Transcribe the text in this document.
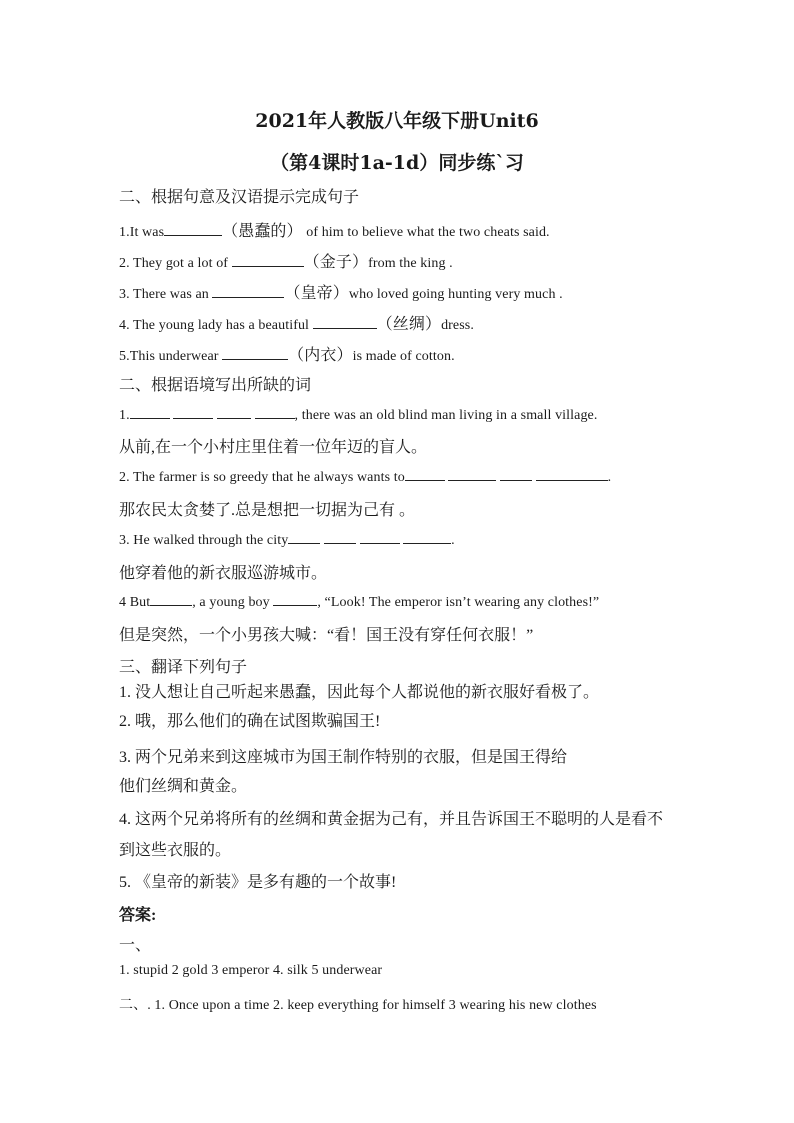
2021年人教版八年级下册Unit6
（第4课时1a-1d）同步练`习
二、根据句意及汉语提示完成句子
1.It was	（愚蠢的） of him to believe what the two cheats said.
2. They got a lot of	（金子）from the king .
3. There was an	（皇帝）who loved going hunting very much .
4. The young lady has a beautiful	（丝绸）dress.
5.This underwear	（内衣）is made of cotton.
二、根据语境写出所缺的词
1.	, there was an old blind man living in a small village.
从前,在一个小村庄里住着一位年迈的盲人。
2. The farmer is so greedy that he always wants to	.
那农民太贪婪了.总是想把一切据为己有 。
3. He walked through the city	.
他穿着他的新衣服巡游城市。
4 But	, a young boy	, “Look! The emperor isn’t wearing any clothes!”
但是突然，一个小男孩大喊：“看！国王没有穿任何衣服！”
三、翻译下列句子
1. 没人想让自己听起来愚蠢，因此每个人都说他的新衣服好看极了。
2. 哦，那么他们的确在试图欺骗国王!
3. 两个兄弟来到这座城市为国王制作特别的衣服，但是国王得给
他们丝绸和黄金。
4. 这两个兄弟将所有的丝绸和黄金据为己有，并且告诉国王不聪明的人是看不
到这些衣服的。
5. 《皇帝的新装》是多有趣的一个故事!
答案:
一、
1. stupid 2 gold 3 emperor 4. silk 5 underwear
二、. 1. Once upon a time 2. keep everything for himself 3 wearing his new clothes
